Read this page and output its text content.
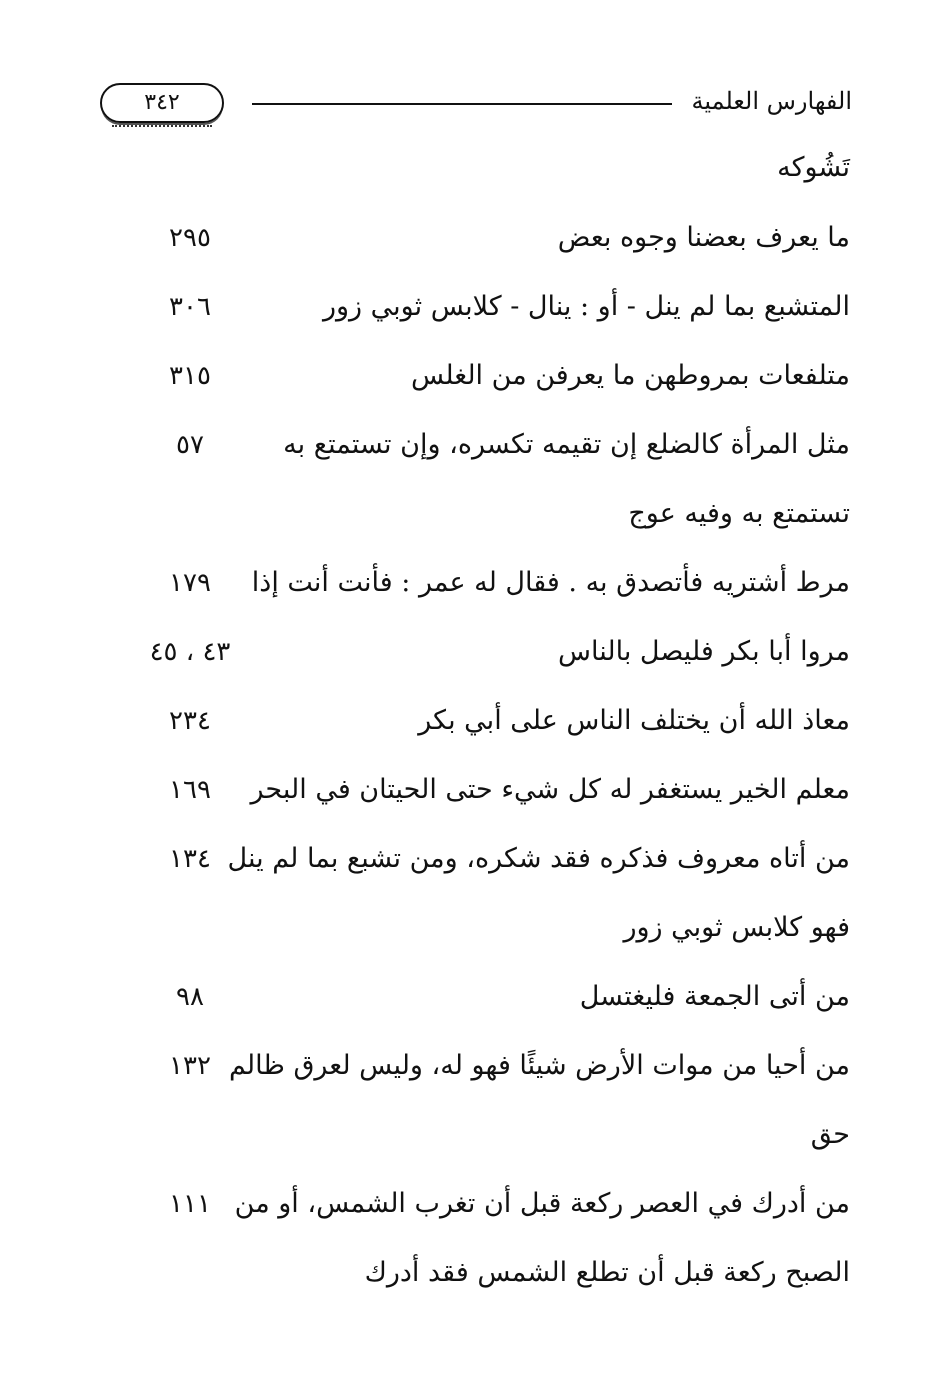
الفهارس العلمية
٣٤٢
تَشُوكه
ما يعرف بعضنا وجوه بعض
٢٩٥
المتشبع بما لم ينل - أو : ينال - كلابس ثوبي زور
٣٠٦
متلفعات بمروطهن ما يعرفن من الغلس
٣١٥
مثل المرأة كالضلع إن تقيمه تكسره، وإن تستمتع به
٥٧
تستمتع به وفيه عوج
مرط أشتريه فأتصدق به . فقال له عمر : فأنت أنت إذا
١٧٩
مروا أبا بكر فليصل بالناس
٤٣ ، ٤٥
معاذ الله أن يختلف الناس على أبي بكر
٢٣٤
معلم الخير يستغفر له كل شيء حتى الحيتان في البحر
١٦٩
من أتاه معروف فذكره فقد شكره، ومن تشبع بما لم ينل
١٣٤
فهو كلابس ثوبي زور
من أتى الجمعة فليغتسل
٩٨
من أحيا من موات الأرض شيئًا فهو له، وليس لعرق ظالم
١٣٢
حق
من أدرك في العصر ركعة قبل أن تغرب الشمس، أو من
١١١
الصبح ركعة قبل أن تطلع الشمس فقد أدرك
